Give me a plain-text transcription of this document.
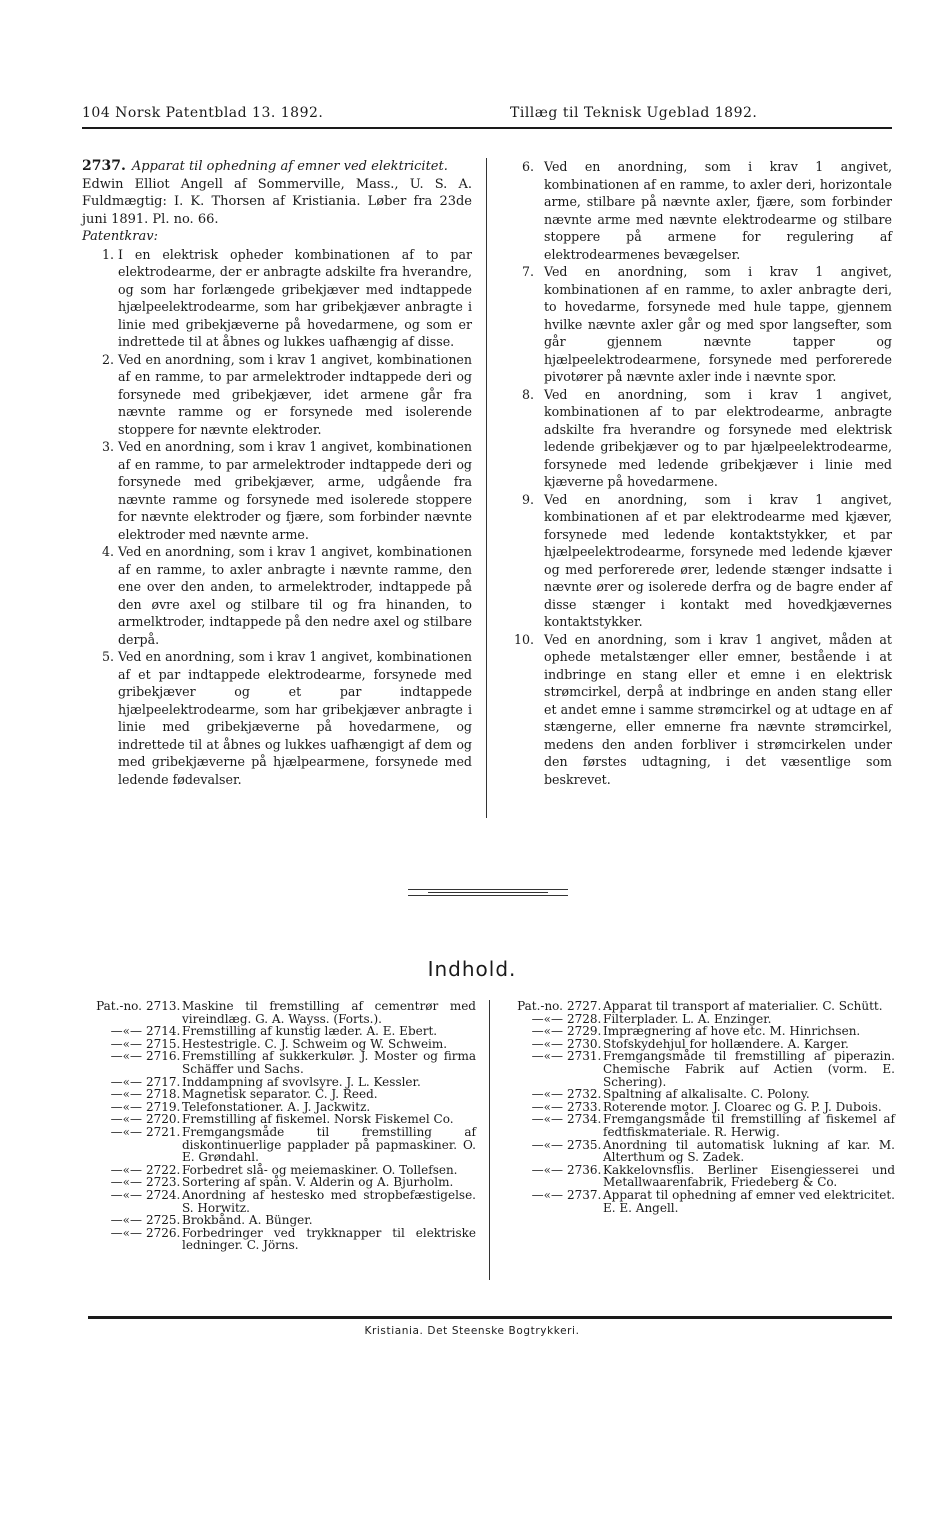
104 Norsk Patentblad 13. 1892.	Tillæg til Teknisk Ugeblad 1892.
2737. Apparat til ophedning af emner ved elektricitet.
Edwin Elliot Angell af Sommerville, Mass., U. S. A. Fuldmægtig: I. K. Thorsen af Kristiania. Løber fra 23de juni 1891. Pl. no. 66.
Patentkrav:
1. I en elektrisk opheder kombinationen af to par elektrodearme, der er anbragte adskilte fra hverandre, og som har forlængede gribekjæver med indtappede hjælpeelektrodearme, som har gribekjæver anbragte i linie med gribekjæverne på hovedarmene, og som er indrettede til at åbnes og lukkes uafhængig af disse.
2. Ved en anordning, som i krav 1 angivet, kombinationen af en ramme, to par armelektroder indtappede deri og forsynede med gribekjæver, idet armene går fra nævnte ramme og er forsynede med isolerende stoppere for nævnte elektroder.
3. Ved en anordning, som i krav 1 angivet, kombinationen af en ramme, to par armelektroder indtappede deri og forsynede med gribekjæver, arme, udgående fra nævnte ramme og forsynede med isolerede stoppere for nævnte elektroder og fjære, som forbinder nævnte elektroder med nævnte arme.
4. Ved en anordning, som i krav 1 angivet, kombinationen af en ramme, to axler anbragte i nævnte ramme, den ene over den anden, to armelektroder, indtappede på den øvre axel og stilbare til og fra hinanden, to armelktroder, indtappede på den nedre axel og stilbare derpå.
5. Ved en anordning, som i krav 1 angivet, kombinationen af et par indtappede elektrodearme, forsynede med gribekjæver og et par indtappede hjælpeelektrodearme, som har gribekjæver anbragte i linie med gribekjæverne på hovedarmene, og indrettede til at åbnes og lukkes uafhængigt af dem og med gribekjæverne på hjælpearmene, forsynede med ledende fødevalser.
6. Ved en anordning, som i krav 1 angivet, kombinationen af en ramme, to axler deri, horizontale arme, stilbare på nævnte axler, fjære, som forbinder nævnte arme med nævnte elektrodearme og stilbare stoppere på armene for regulering af elektrodearmenes bevægelser.
7. Ved en anordning, som i krav 1 angivet, kombinationen af en ramme, to axler anbragte deri, to hovedarme, forsynede med hule tappe, gjennem hvilke nævnte axler går og med spor langsefter, som går gjennem nævnte tapper og hjælpeelektrodearmene, forsynede med perforerede pivotører på nævnte axler inde i nævnte spor.
8. Ved en anordning, som i krav 1 angivet, kombinationen af to par elektrodearme, anbragte adskilte fra hverandre og forsynede med elektrisk ledende gribekjæver og to par hjælpeelektrodearme, forsynede med ledende gribekjæver i linie med kjæverne på hovedarmene.
9. Ved en anordning, som i krav 1 angivet, kombinationen af et par elektrodearme med kjæver, forsynede med ledende kontaktstykker, et par hjælpeelektrodearme, forsynede med ledende kjæver og med perforerede ører, ledende stænger indsatte i nævnte ører og isolerede derfra og de bagre ender af disse stænger i kontakt med hovedkjævernes kontaktstykker.
10. Ved en anordning, som i krav 1 angivet, måden at ophede metalstænger eller emner, bestående i at indbringe en stang eller et emne i en elektrisk strømcirkel, derpå at indbringe en anden stang eller et andet emne i samme strømcirkel og at udtage en af stængerne, eller emnerne fra nævnte strømcirkel, medens den anden forbliver i strømcirkelen under den førstes udtagning, i det væsentlige som beskrevet.
Indhold.
Pat.-no. 2713. Maskine til fremstilling af cementrør med vireindlæg. G. A. Wayss. (Forts.).
—«— 2714. Fremstilling af kunstig læder. A. E. Ebert.
—«— 2715. Hestestrigle. C. J. Schweim og W. Schweim.
—«— 2716. Fremstilling af sukkerkulør. J. Moster og firma Schäffer und Sachs.
—«— 2717. Inddampning af svovlsyre. J. L. Kessler.
—«— 2718. Magnetisk separator. C. J. Reed.
—«— 2719. Telefonstationer. A. J. Jackwitz.
—«— 2720. Fremstilling af fiskemel. Norsk Fiskemel Co.
—«— 2721. Fremgangsmåde til fremstilling af diskontinuerlige papplader på papmaskiner. O. E. Grøndahl.
—«— 2722. Forbedret slå- og meiemaskiner. O. Tollefsen.
—«— 2723. Sortering af spån. V. Alderin og A. Bjurholm.
—«— 2724. Anordning af hestesko med stropbefæstigelse. S. Horwitz.
—«— 2725. Brokbånd. A. Bünger.
—«— 2726. Forbedringer ved trykknapper til elektriske ledninger. C. Jörns.
Pat.-no. 2727. Apparat til transport af materialier. C. Schütt.
—«— 2728. Filterplader. L. A. Enzinger.
—«— 2729. Imprægnering af hove etc. M. Hinrichsen.
—«— 2730. Stofskydehjul for hollændere. A. Karger.
—«— 2731. Fremgangsmåde til fremstilling af piperazin. Chemische Fabrik auf Actien (vorm. E. Schering).
—«— 2732. Spaltning af alkalisalte. C. Polony.
—«— 2733. Roterende motor. J. Cloarec og G. P. J. Dubois.
—«— 2734. Fremgangsmåde til fremstilling af fiskemel af fedtfiskmateriale. R. Herwig.
—«— 2735. Anordning til automatisk lukning af kar. M. Alterthum og S. Zadek.
—«— 2736. Kakkelovnsflis. Berliner Eisengiesserei und Metallwaarenfabrik, Friedeberg & Co.
—«— 2737. Apparat til ophedning af emner ved elektricitet. E. E. Angell.
Kristiania. Det Steenske Bogtrykkeri.
